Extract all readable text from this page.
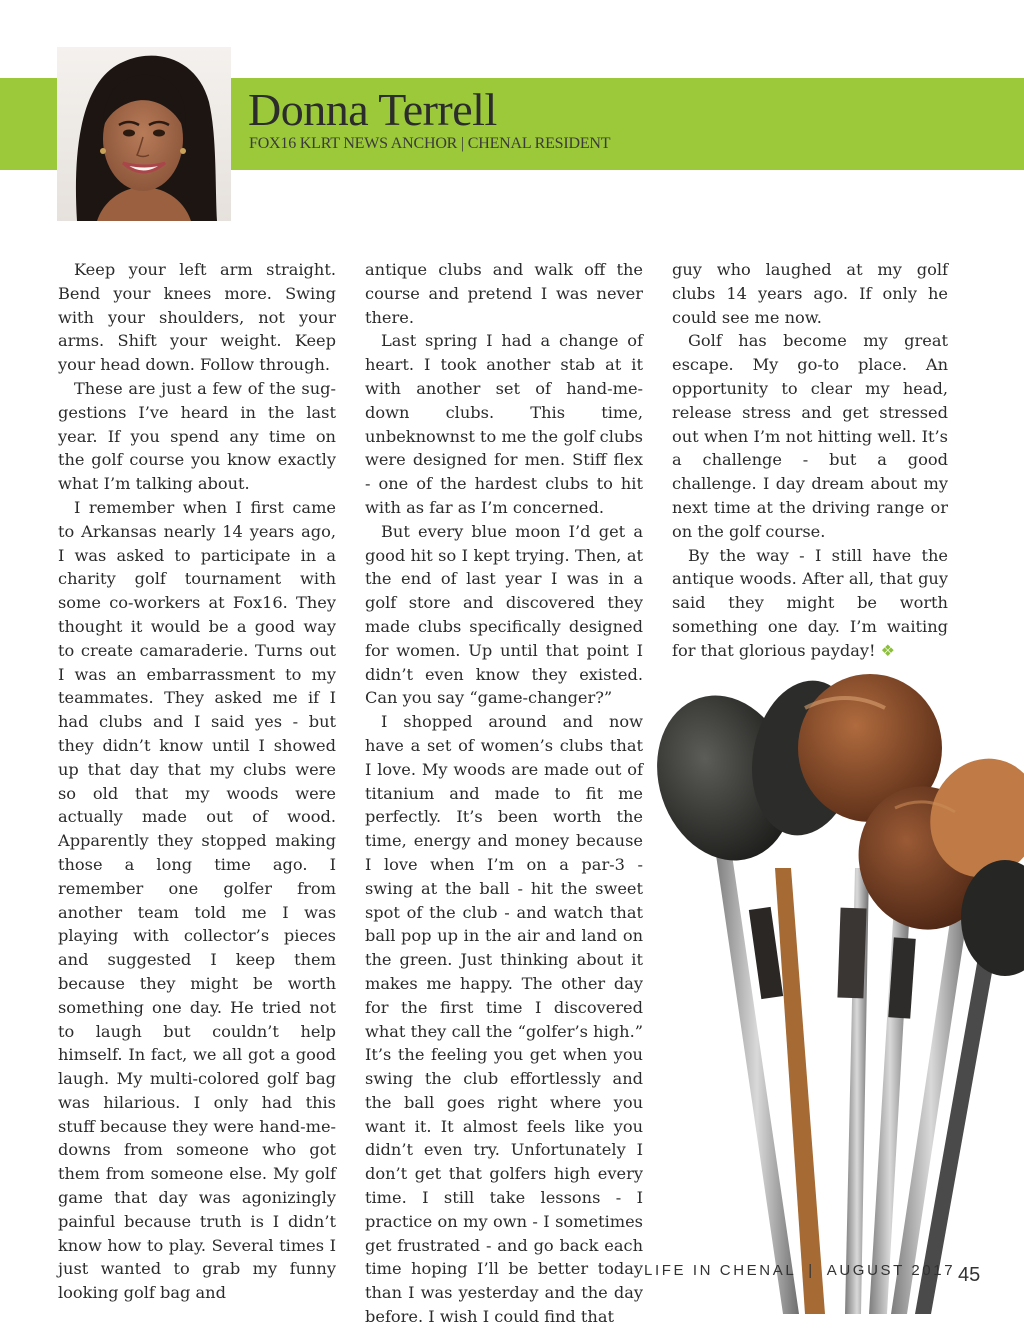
Donna Terrell
FOX16 KLRT NEWS ANCHOR | CHENAL RESIDENT

Keep your left arm straight. Bend your knees more. Swing with your shoulders, not your arms. Shift your weight. Keep your head down. Follow through.

These are just a few of the suggestions I’ve heard in the last year. If you spend any time on the golf course you know exactly what I’m talking about.

I remember when I first came to Arkansas nearly 14 years ago, I was asked to participate in a charity golf tournament with some co-workers at Fox16. They thought it would be a good way to create camaraderie. Turns out I was an embarrassment to my teammates. They asked me if I had clubs and I said yes - but they didn’t know until I showed up that day that my clubs were so old that my woods were actually made out of wood. Apparently they stopped making those a long time ago. I remember one golfer from another team told me I was playing with collector’s pieces and suggested I keep them because they might be worth something one day. He tried not to laugh but couldn’t help himself. In fact, we all got a good laugh. My multi-colored golf bag was hilarious. I only had this stuff because they were hand-me-downs from someone who got them from someone else. My golf game that day was agonizingly painful because truth is I didn’t know how to play. Several times I just wanted to grab my funny looking golf bag and

antique clubs and walk off the course and pretend I was never there.

Last spring I had a change of heart. I took another stab at it with another set of hand-me-down clubs. This time, unbeknownst to me the golf clubs were designed for men. Stiff flex - one of the hardest clubs to hit with as far as I’m concerned.

But every blue moon I’d get a good hit so I kept trying. Then, at the end of last year I was in a golf store and discovered they made clubs specifically designed for women. Up until that point I didn’t even know they existed. Can you say “game-changer?”

I shopped around and now have a set of women’s clubs that I love. My woods are made out of titanium and made to fit me perfectly. It’s been worth the time, energy and money because I love when I’m on a par-3 - swing at the ball - hit the sweet spot of the club - and watch that ball pop up in the air and land on the green. Just thinking about it makes me happy. The other day for the first time I discovered what they call the “golfer’s high.” It’s the feeling you get when you swing the club effortlessly and the ball goes right where you want it. It almost feels like you didn’t even try. Unfortunately I don’t get that golfers high every time. I still take lessons - I practice on my own - I sometimes get frustrated - and go back each time hoping I’ll be better today than I was yesterday and the day before. I wish I could find that

guy who laughed at my golf clubs 14 years ago. If only he could see me now.

Golf has become my great escape. My go-to place. An opportunity to clear my head, release stress and get stressed out when I’m not hitting well. It’s a challenge - but a good challenge. I day dream about my next time at the driving range or on the golf course.

By the way - I still have the antique woods. After all, that guy said they might be worth something one day. I’m waiting for that glorious payday! ❖

LIFE IN CHENAL | AUGUST 2017 45
